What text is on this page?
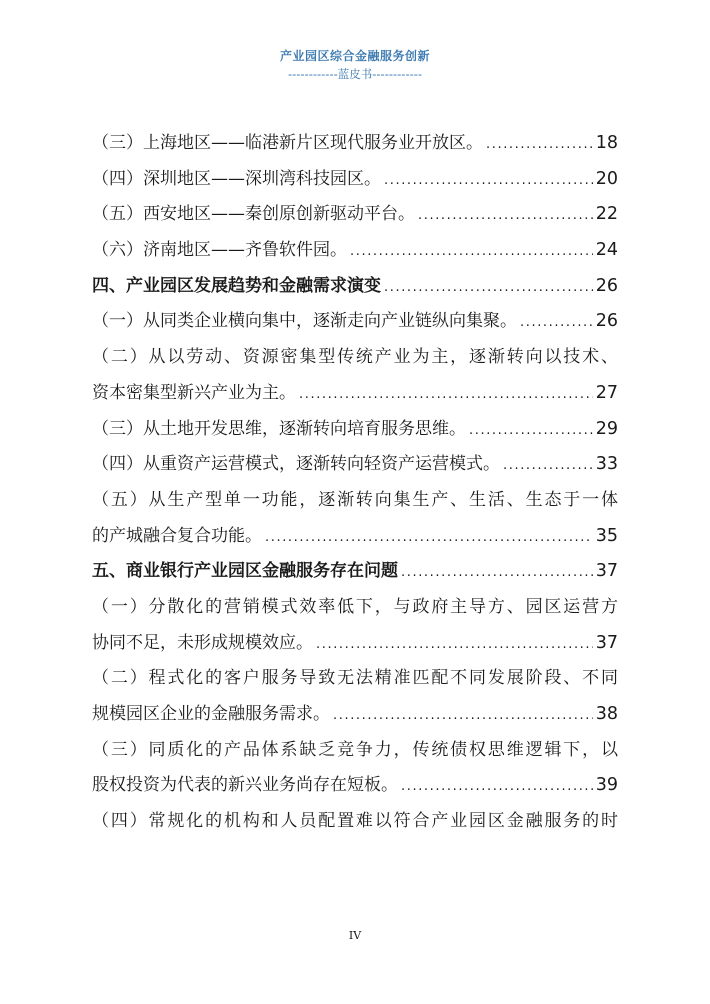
产业园区综合金融服务创新
------------蓝皮书------------
（三）上海地区——临港新片区现代服务业开放区。 .....	18
（四）深圳地区——深圳湾科技园区。 .....	20
（五）西安地区——秦创原创新驱动平台。 .....	22
（六）济南地区——齐鲁软件园。 .....	24
四、产业园区发展趋势和金融需求演变 .....	26
（一）从同类企业横向集中，逐渐走向产业链纵向集聚。 .....	26
（二）从以劳动、资源密集型传统产业为主，逐渐转向以技术、
资本密集型新兴产业为主。 .....	27
（三）从土地开发思维，逐渐转向培育服务思维。 .....	29
（四）从重资产运营模式，逐渐转向轻资产运营模式。 .....	33
（五）从生产型单一功能，逐渐转向集生产、生活、生态于一体
的产城融合复合功能。 .....	35
五、商业银行产业园区金融服务存在问题 .....	37
（一）分散化的营销模式效率低下，与政府主导方、园区运营方
协同不足，未形成规模效应。 .....	37
（二）程式化的客户服务导致无法精准匹配不同发展阶段、不同
规模园区企业的金融服务需求。 .....	38
（三）同质化的产品体系缺乏竞争力，传统债权思维逻辑下，以
股权投资为代表的新兴业务尚存在短板。 .....	39
（四）常规化的机构和人员配置难以符合产业园区金融服务的时
IV
